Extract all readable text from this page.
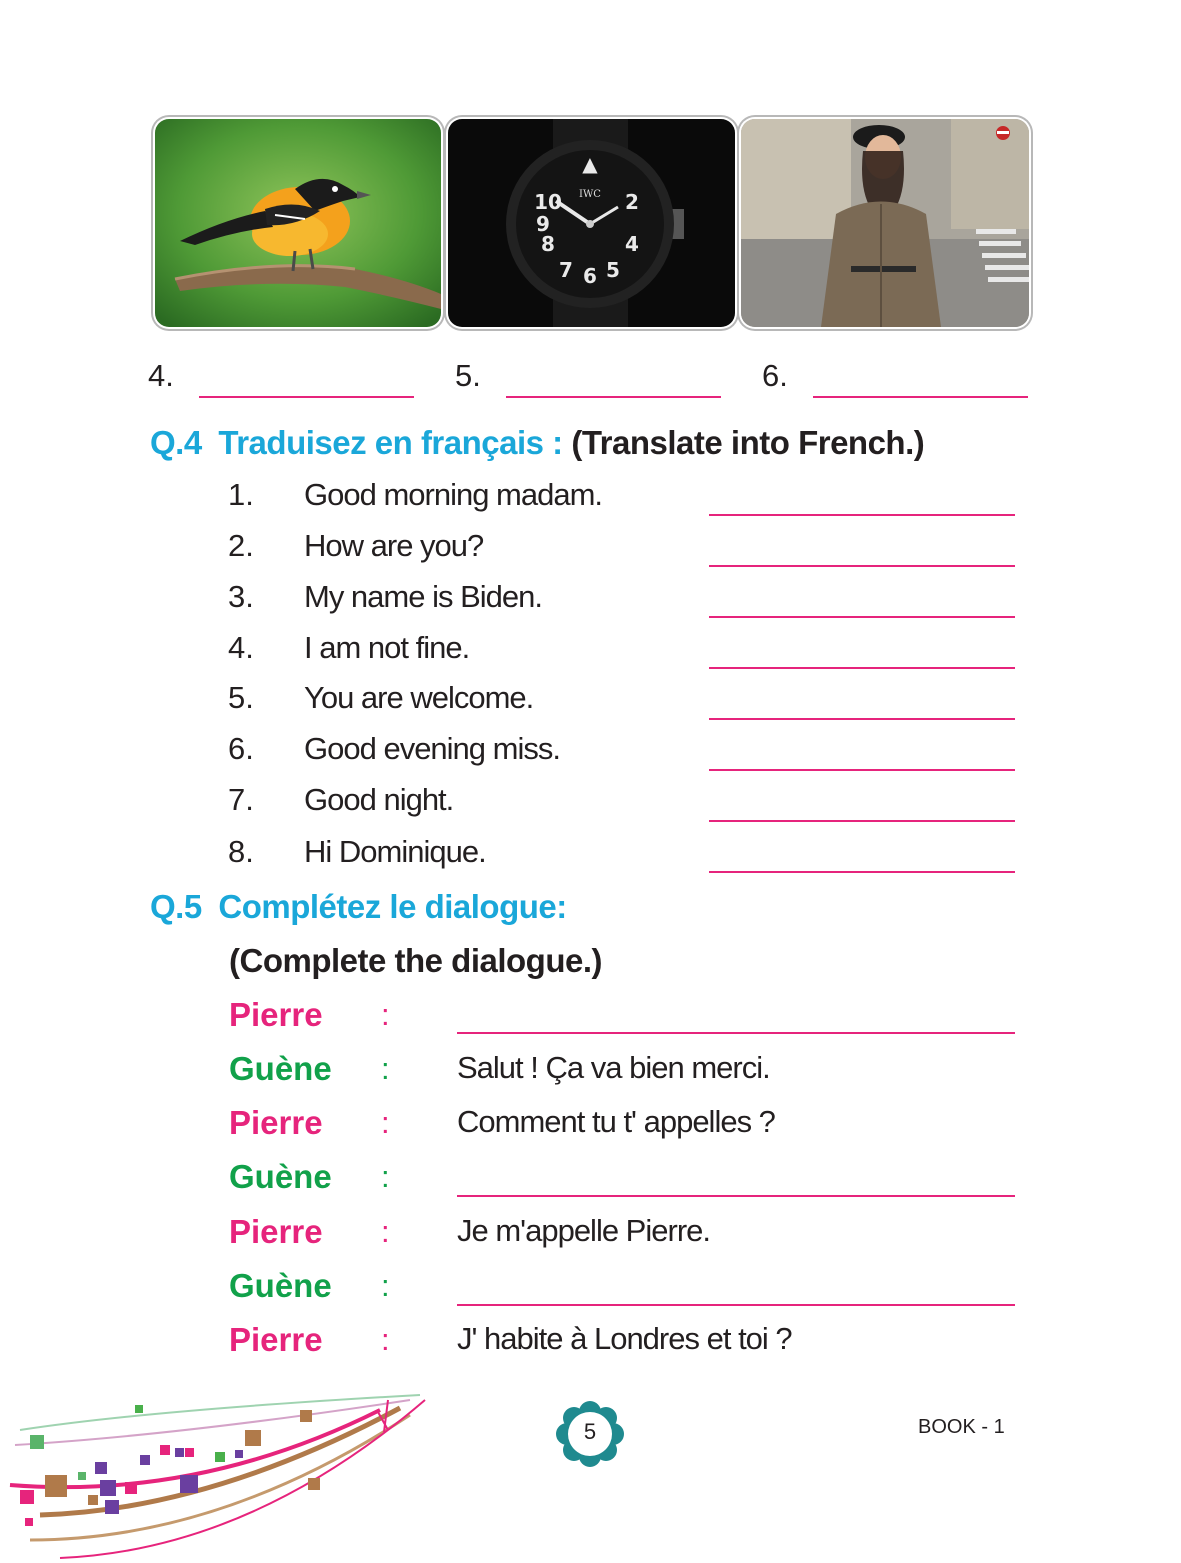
▲
10	2
8
7 6 5
4
9
IWC
4.	5.	6.
Q.4 Traduisez en français : (Translate into French.)
1. Good morning madam.
2. How are you?
3. My name is Biden.
4. I am not fine.
5. You are welcome.
6. Good evening miss.
7. Good night.
8. Hi Dominique.
Q.5 Complétez le dialogue:
(Complete the dialogue.)
Pierre :
Guène : Salut ! Ça va bien merci.
Pierre : Comment tu t' appelles ?
Guène :
Pierre : Je m'appelle Pierre.
Guène :
Pierre : J' habite à Londres et toi ?
5	BOOK - 1
